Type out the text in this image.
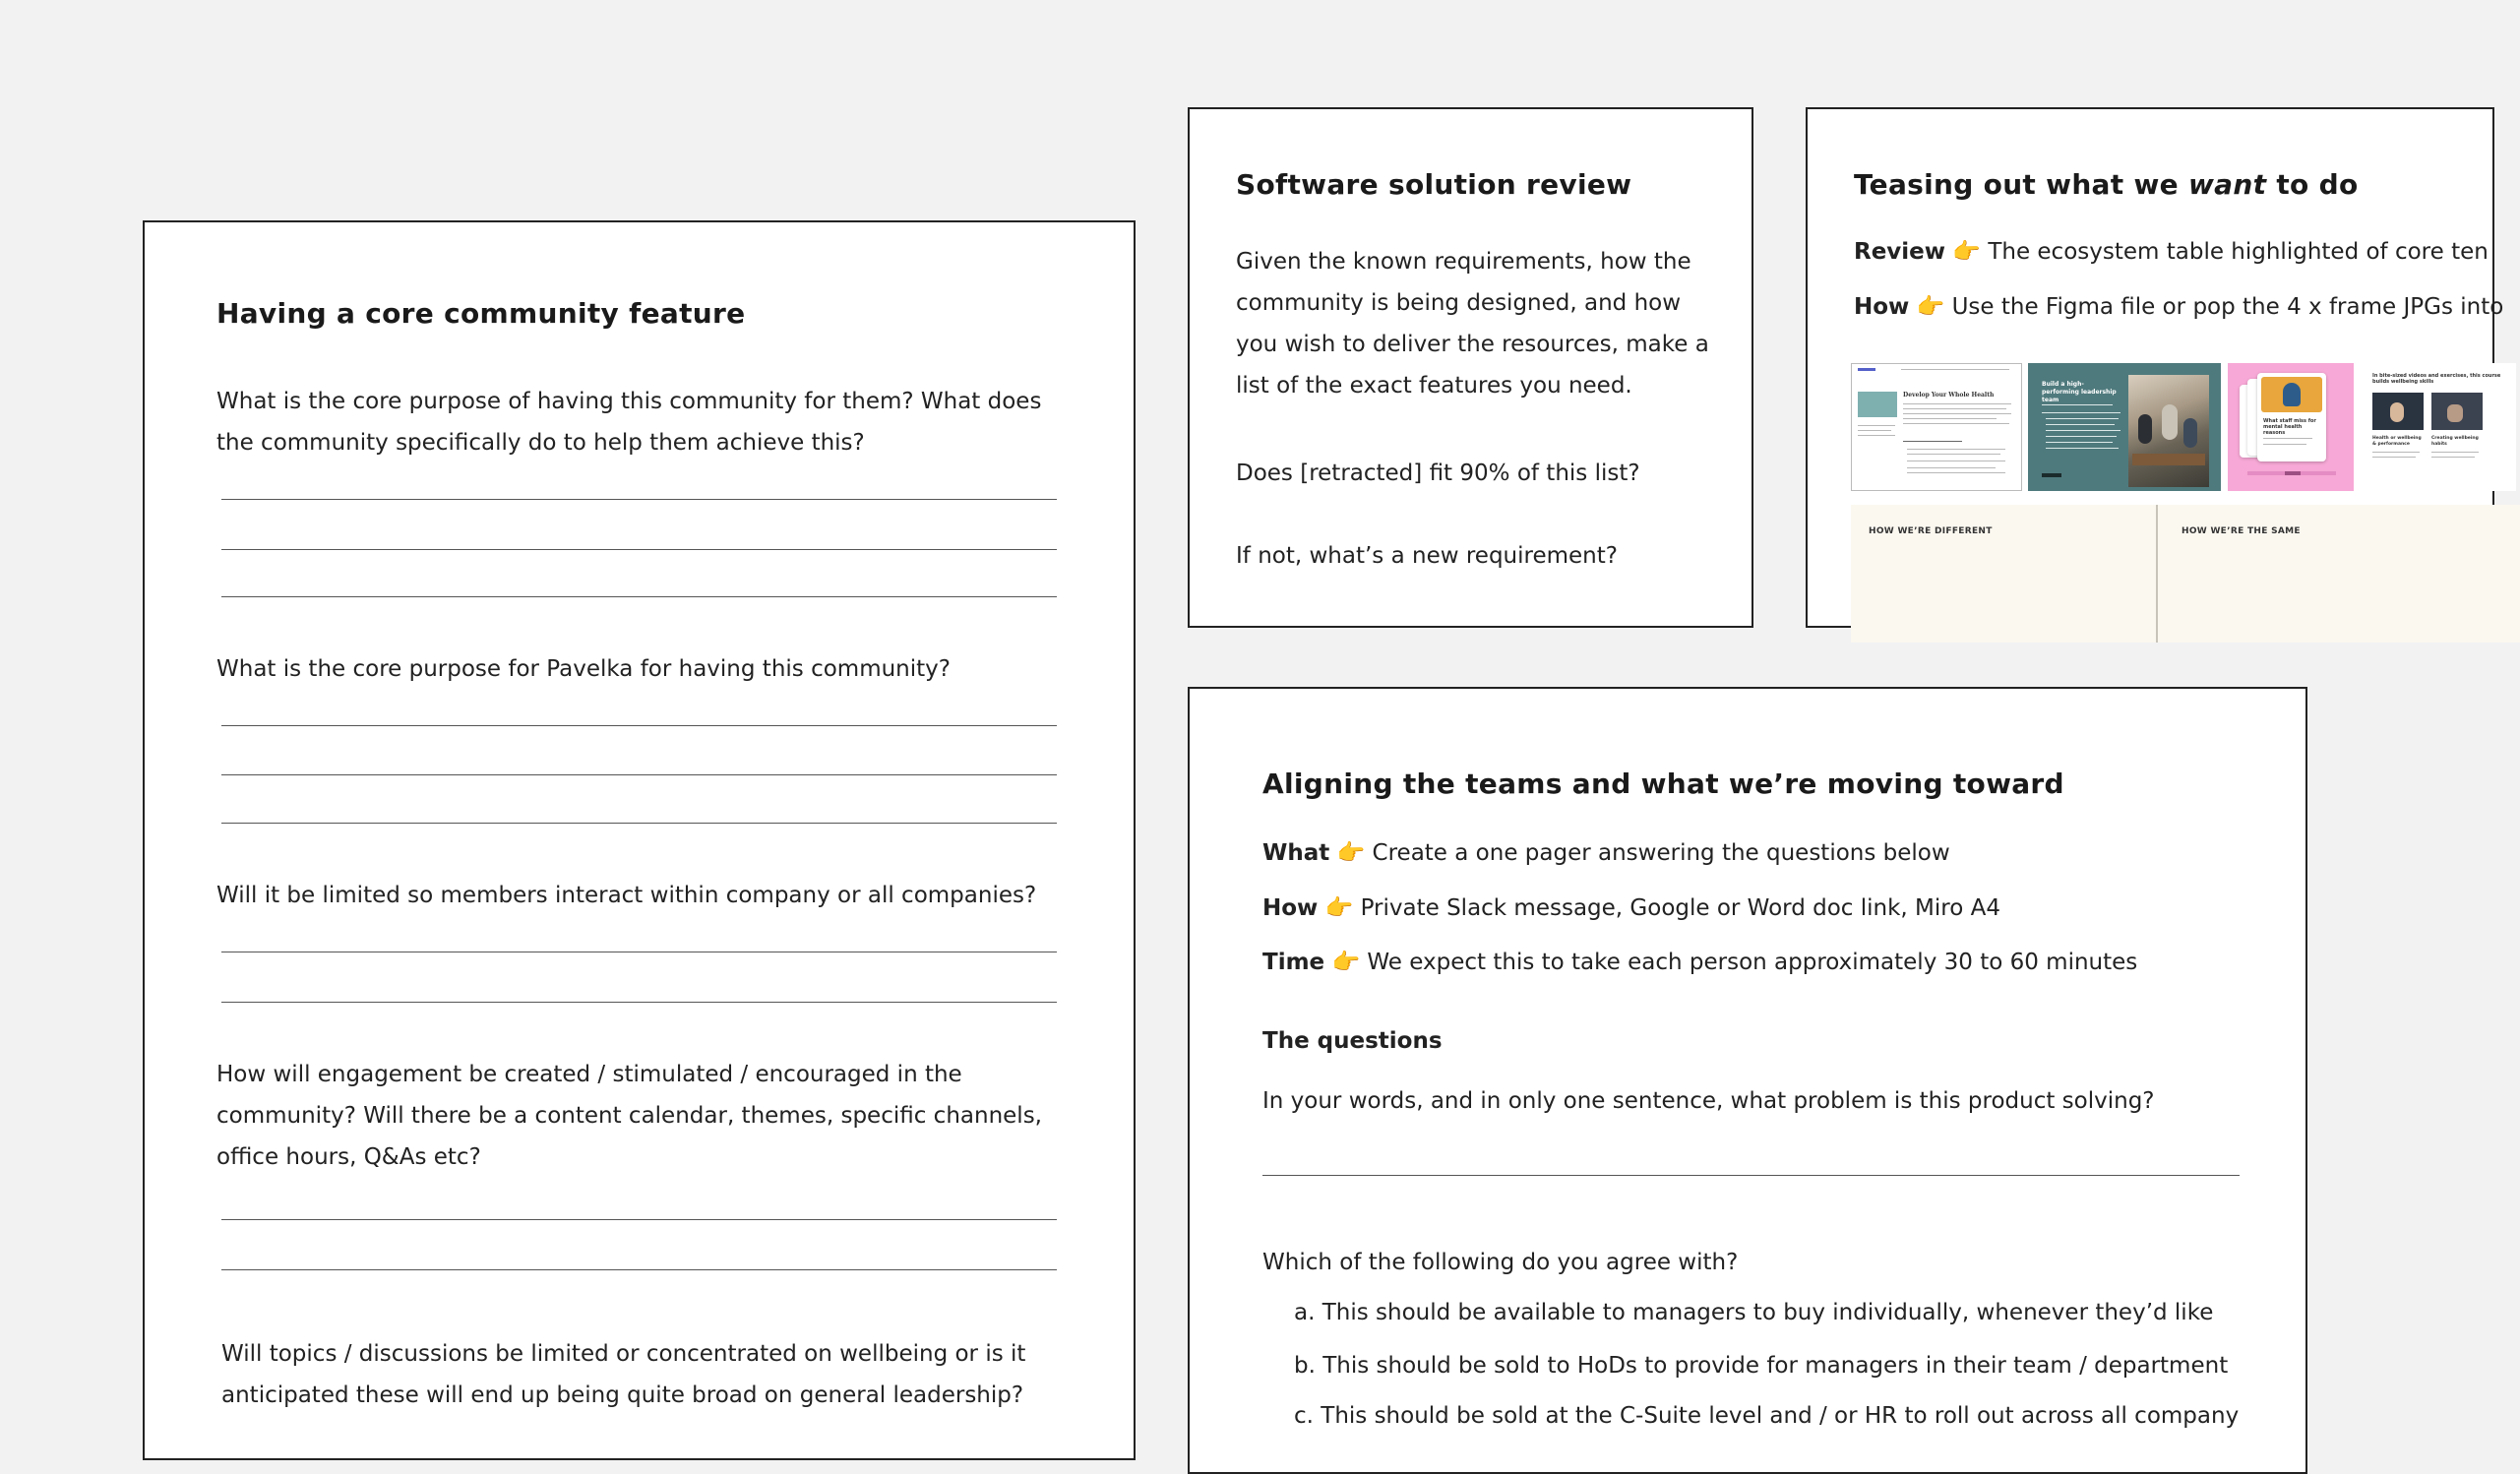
Having a core community feature

What is the core purpose of having this community for them? What does the community specifically do to help them achieve this?

What is the core purpose for Pavelka for having this community?

Will it be limited so members interact within company or all companies?

How will engagement be created / stimulated / encouraged in the community? Will there be a content calendar, themes, specific channels, office hours, Q&As etc?

Will topics / discussions be limited or concentrated on wellbeing or is it anticipated these will end up being quite broad on general leadership?

Software solution review

Given the known requirements, how the community is being designed, and how you wish to deliver the resources, make a list of the exact features you need.

Does [retracted] fit 90% of this list?

If not, what’s a new requirement?

Teasing out what we want to do
Review 👉 The ecosystem table highlighted of core ten
How 👉 Use the Figma file or pop the 4 x frame JPGs into
Develop Your Whole Health
Build a high-performing leadership team
What staff miss for mental health reasons
In bite-sized videos and exercises, this course builds wellbeing skills
Health or wellbeing & performance
Creating wellbeing habits
HOW WE’RE DIFFERENT	HOW WE’RE THE SAME
Aligning the teams and what we’re moving toward
What 👉 Create a one pager answering the questions below
How 👉 Private Slack message, Google or Word doc link, Miro A4
Time 👉 We expect this to take each person approximately 30 to 60 minutes
The questions

In your words, and in only one sentence, what problem is this product solving?

Which of the following do you agree with?

a. This should be available to managers to buy individually, whenever they’d like

b. This should be sold to HoDs to provide for managers in their team / department

c. This should be sold at the C-Suite level and / or HR to roll out across all company
